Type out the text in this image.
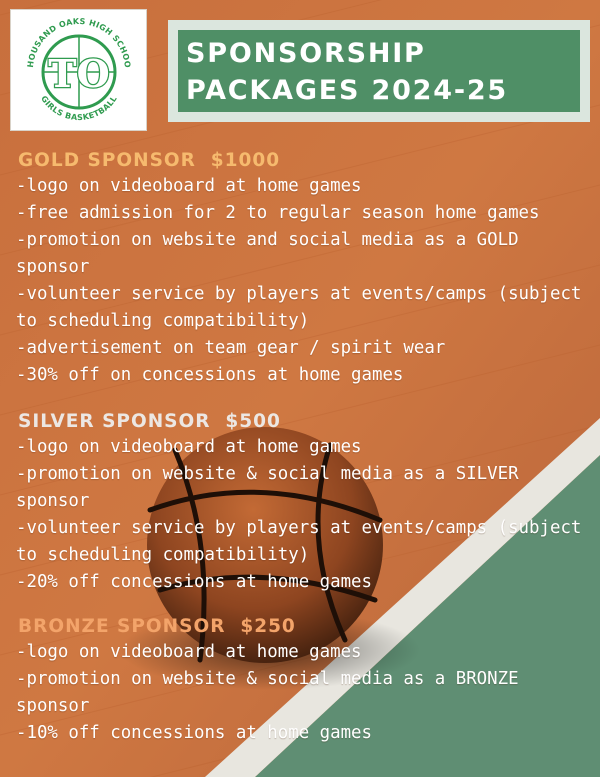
HOUSAND OAKS HIGH SCHOO
GIRLS BASKETBALL
TO	SPONSORSHIP
PACKAGES 2024-25
GOLD SPONSOR  $1000
-logo on videoboard at home games
-free admission for 2 to regular season home games
-promotion on website and social media as a GOLD sponsor
-volunteer service by players at events/camps (subject to scheduling compatibility)
-advertisement on team gear / spirit wear
-30% off on concessions at home games
SILVER SPONSOR  $500
-logo on videoboard at home games
-promotion on website & social media as a SILVER sponsor
-volunteer service by players at events/camps (subject to scheduling compatibility)
-20% off concessions at home games
BRONZE SPONSOR  $250
-logo on videoboard at home games
-promotion on website & social media as a BRONZE sponsor
-10% off concessions at home games
